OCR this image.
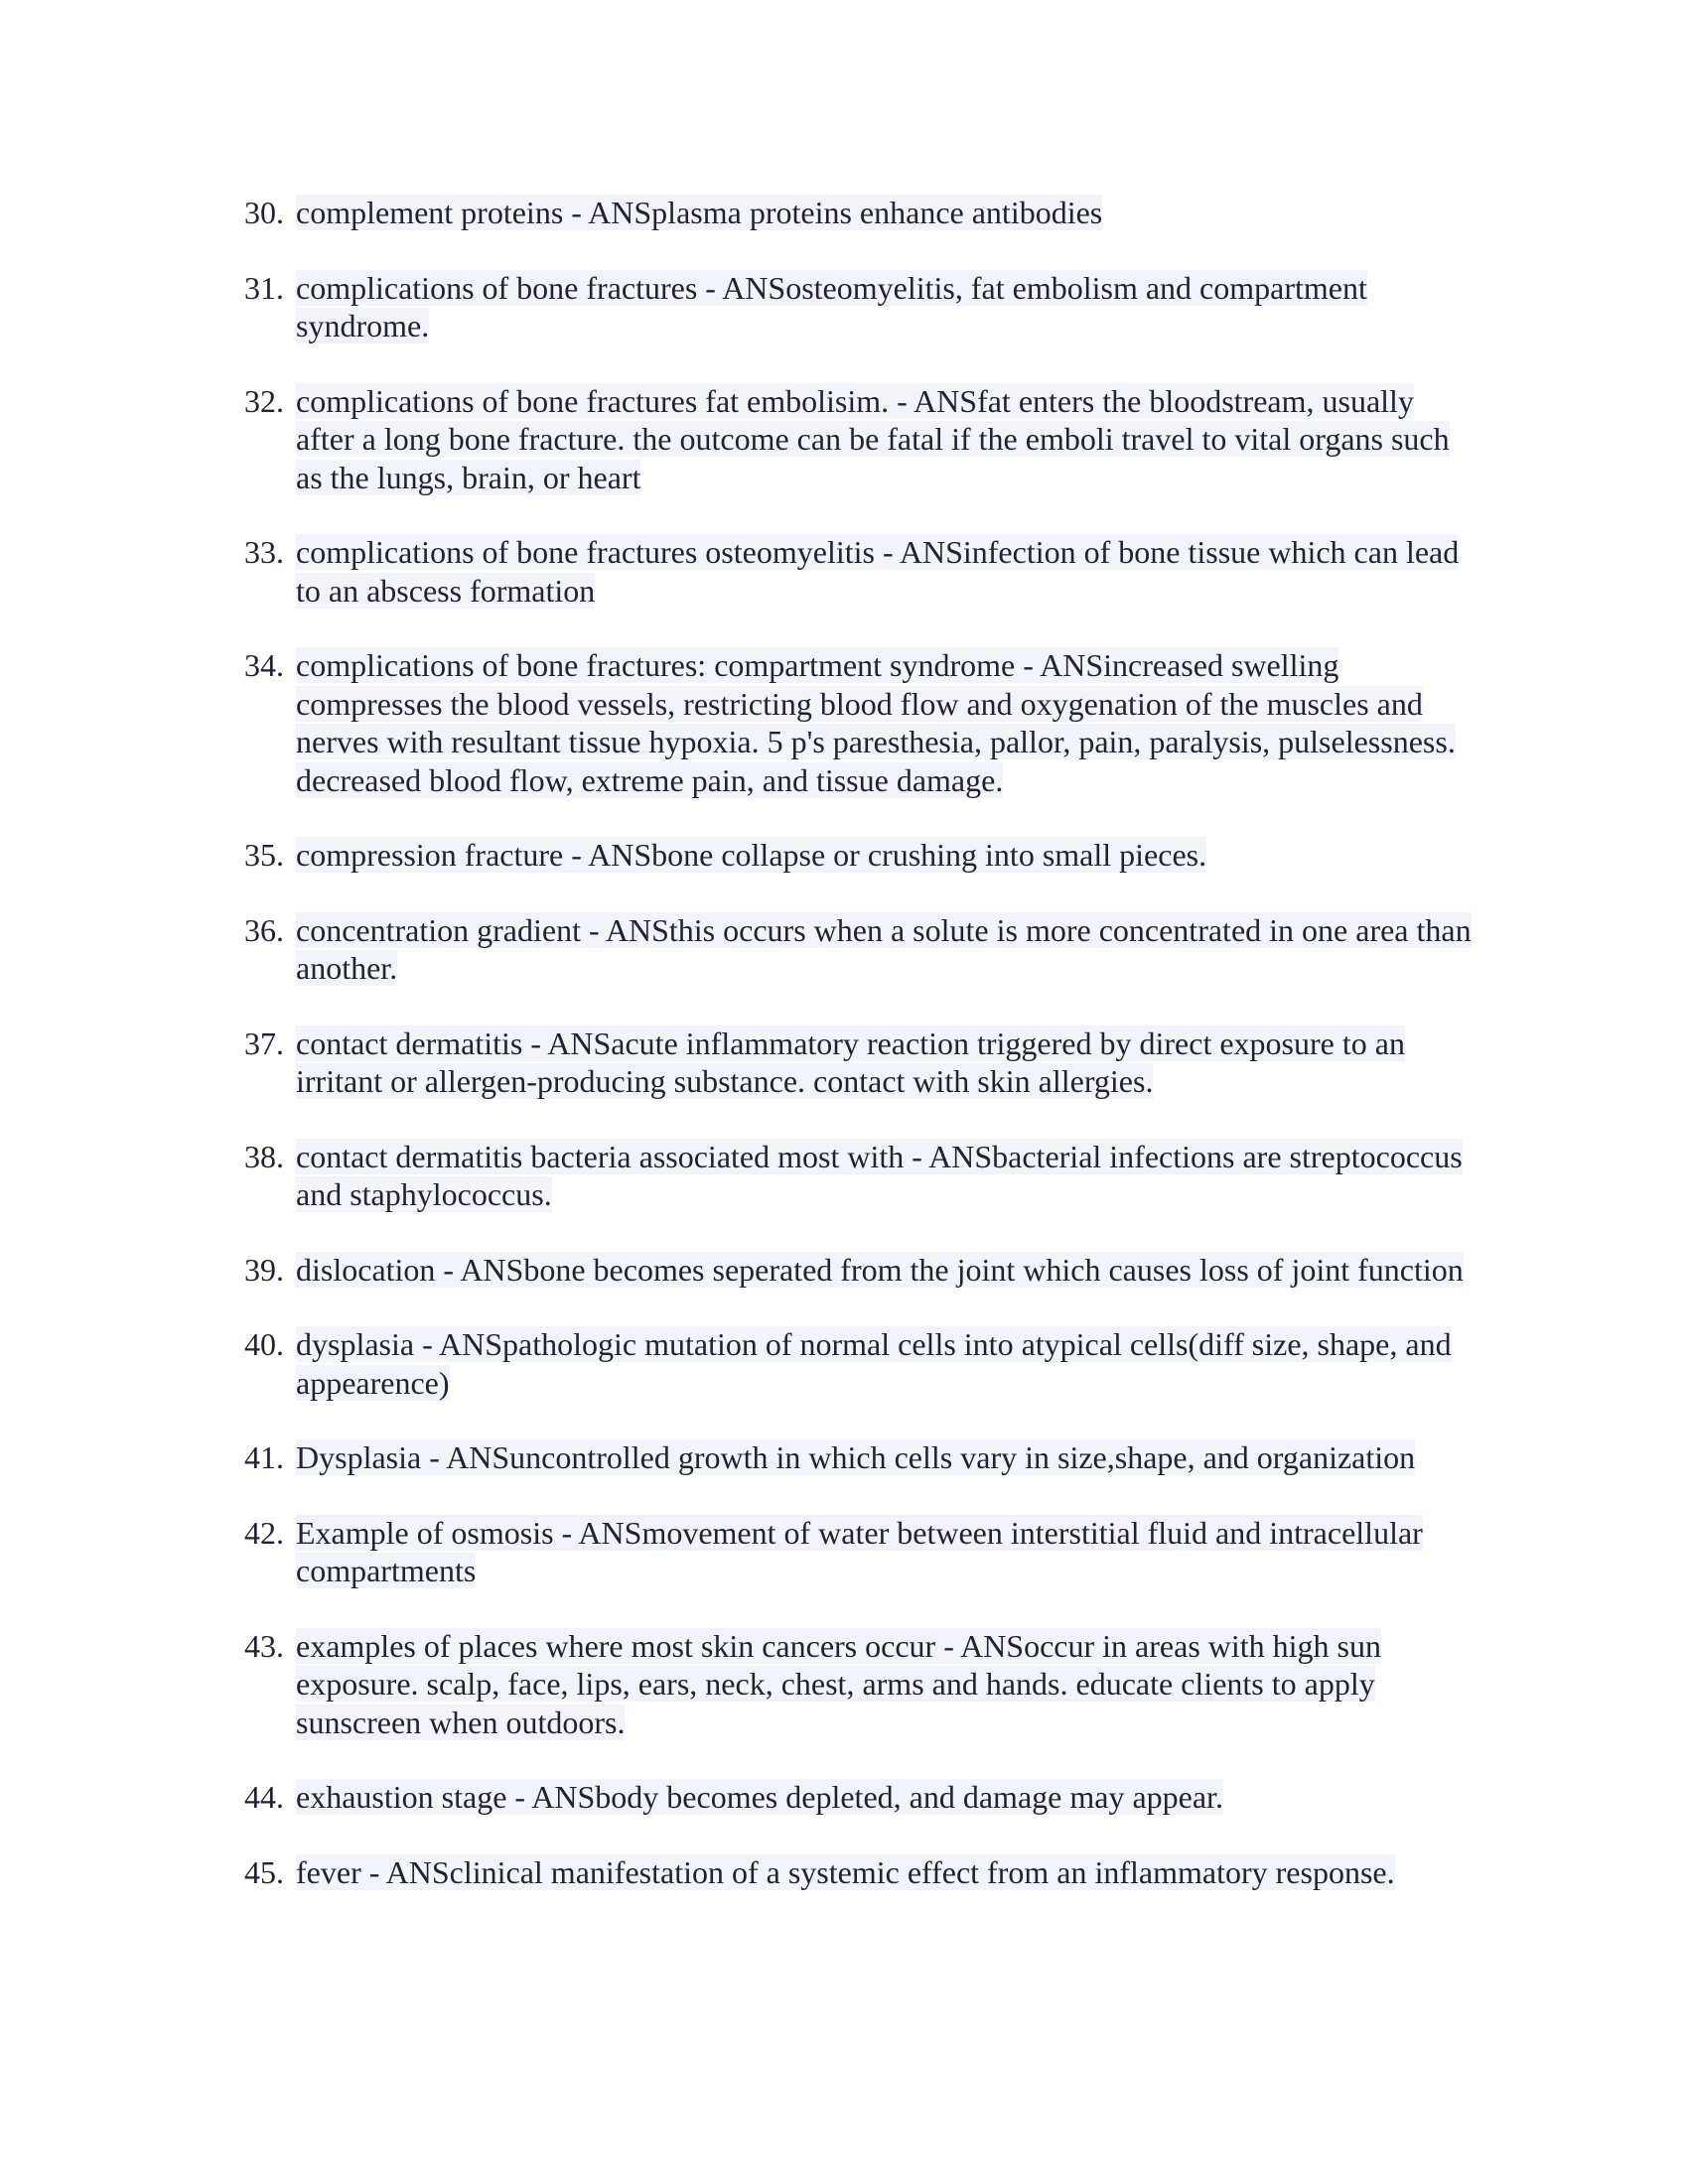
30. complement proteins - ANSplasma proteins enhance antibodies
31. complications of bone fractures - ANSosteomyelitis, fat embolism and compartment syndrome.
32. complications of bone fractures fat embolisim. - ANSfat enters the bloodstream, usually after a long bone fracture. the outcome can be fatal if the emboli travel to vital organs such as the lungs, brain, or heart
33. complications of bone fractures osteomyelitis - ANSinfection of bone tissue which can lead to an abscess formation
34. complications of bone fractures: compartment syndrome - ANSincreased swelling compresses the blood vessels, restricting blood flow and oxygenation of the muscles and nerves with resultant tissue hypoxia. 5 p's paresthesia, pallor, pain, paralysis, pulselessness. decreased blood flow, extreme pain, and tissue damage.
35. compression fracture - ANSbone collapse or crushing into small pieces.
36. concentration gradient - ANSthis occurs when a solute is more concentrated in one area than another.
37. contact dermatitis - ANSacute inflammatory reaction triggered by direct exposure to an irritant or allergen-producing substance. contact with skin allergies.
38. contact dermatitis bacteria associated most with - ANSbacterial infections are streptococcus and staphylococcus.
39. dislocation - ANSbone becomes seperated from the joint which causes loss of joint function
40. dysplasia - ANSpathologic mutation of normal cells into atypical cells(diff size, shape, and appearence)
41. Dysplasia - ANSuncontrolled growth in which cells vary in size,shape, and organization
42. Example of osmosis - ANSmovement of water between interstitial fluid and intracellular compartments
43. examples of places where most skin cancers occur - ANSoccur in areas with high sun exposure. scalp, face, lips, ears, neck, chest, arms and hands. educate clients to apply sunscreen when outdoors.
44. exhaustion stage - ANSbody becomes depleted, and damage may appear.
45. fever - ANSclinical manifestation of a systemic effect from an inflammatory response.
